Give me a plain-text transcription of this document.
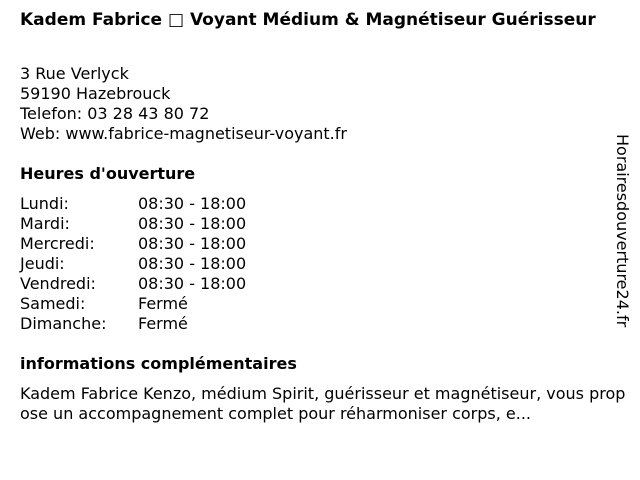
Kadem Fabrice □ Voyant Médium & Magnétiseur Guérisseur
3 Rue Verlyck
59190 Hazebrouck
Telefon: 03 28 43 80 72
Web: www.fabrice-magnetiseur-voyant.fr
Heures d'ouverture
Lundi:	08:30 - 18:00
Mardi:	08:30 - 18:00
Mercredi:	08:30 - 18:00
Jeudi:	08:30 - 18:00
Vendredi:	08:30 - 18:00
Samedi:	Fermé
Dimanche:	Fermé
informations complémentaires
Kadem Fabrice Kenzo, médium Spirit, guérisseur et magnétiseur, vous propose un accompagnement complet pour réharmoniser corps, e...
Horairesdouverture24.fr
